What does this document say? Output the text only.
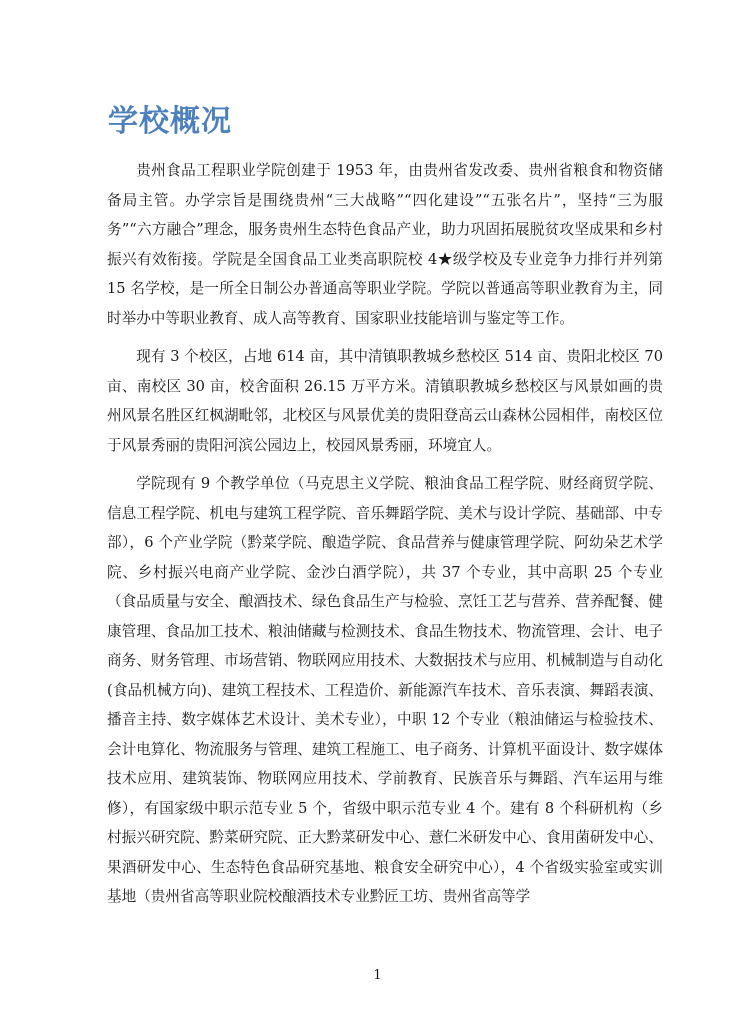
学校概况

贵州食品工程职业学院创建于 1953 年，由贵州省发改委、贵州省粮食和物资储备局主管。办学宗旨是围绕贵州“三大战略”“四化建设”“五张名片”，坚持“三为服务”“六方融合”理念，服务贵州生态特色食品产业，助力巩固拓展脱贫攻坚成果和乡村振兴有效衔接。学院是全国食品工业类高职院校 4★级学校及专业竞争力排行并列第 15 名学校，是一所全日制公办普通高等职业学院。学院以普通高等职业教育为主，同时举办中等职业教育、成人高等教育、国家职业技能培训与鉴定等工作。

现有 3 个校区，占地 614 亩，其中清镇职教城乡愁校区 514 亩、贵阳北校区 70 亩、南校区 30 亩，校舍面积 26.15 万平方米。清镇职教城乡愁校区与风景如画的贵州风景名胜区红枫湖毗邻，北校区与风景优美的贵阳登高云山森林公园相伴，南校区位于风景秀丽的贵阳河滨公园边上，校园风景秀丽，环境宜人。

学院现有 9 个教学单位（马克思主义学院、粮油食品工程学院、财经商贸学院、信息工程学院、机电与建筑工程学院、音乐舞蹈学院、美术与设计学院、基础部、中专部），6 个产业学院（黔菜学院、酿造学院、食品营养与健康管理学院、阿幼朵艺术学院、乡村振兴电商产业学院、金沙白酒学院），共 37 个专业，其中高职 25 个专业（食品质量与安全、酿酒技术、绿色食品生产与检验、烹饪工艺与营养、营养配餐、健康管理、食品加工技术、粮油储藏与检测技术、食品生物技术、物流管理、会计、电子商务、财务管理、市场营销、物联网应用技术、大数据技术与应用、机械制造与自动化(食品机械方向)、建筑工程技术、工程造价、新能源汽车技术、音乐表演、舞蹈表演、播音主持、数字媒体艺术设计、美术专业），中职 12 个专业（粮油储运与检验技术、会计电算化、物流服务与管理、建筑工程施工、电子商务、计算机平面设计、数字媒体技术应用、建筑装饰、物联网应用技术、学前教育、民族音乐与舞蹈、汽车运用与维修），有国家级中职示范专业 5 个，省级中职示范专业 4 个。建有 8 个科研机构（乡村振兴研究院、黔菜研究院、正大黔菜研发中心、薏仁米研发中心、食用菌研发中心、果酒研发中心、生态特色食品研究基地、粮食安全研究中心），4 个省级实验室或实训基地（贵州省高等职业院校酿酒技术专业黔匠工坊、贵州省高等学

1
